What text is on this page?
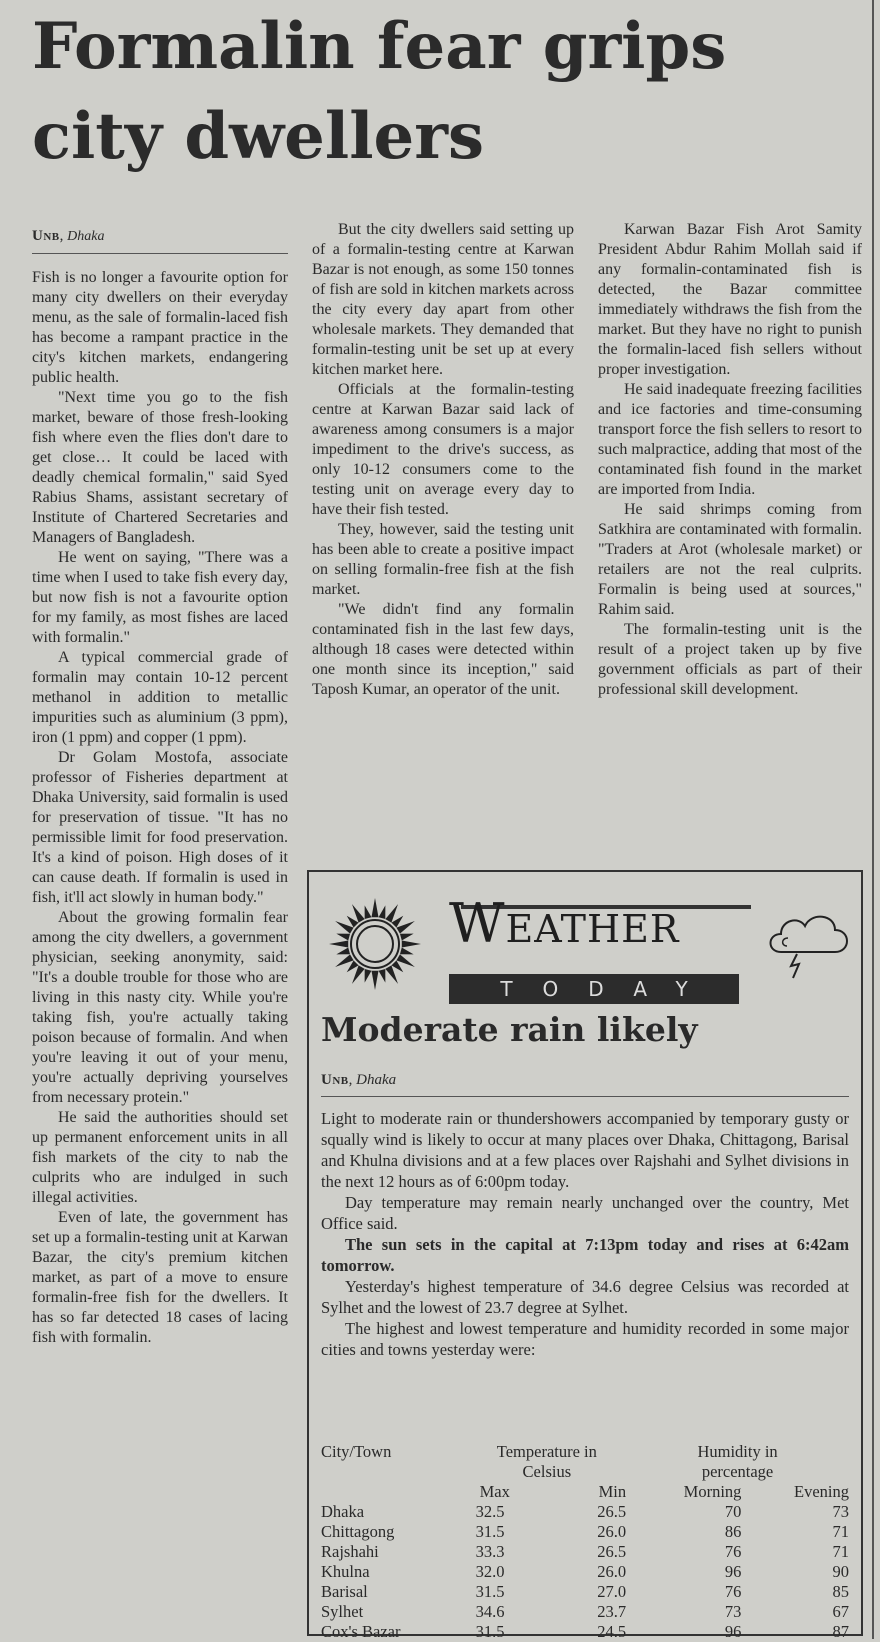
Formalin fear grips city dwellers
Unb, Dhaka

Fish is no longer a favourite option for many city dwellers on their everyday menu, as the sale of formalin-laced fish has become a rampant practice in the city's kitchen markets, endangering public health.

"Next time you go to the fish market, beware of those fresh-looking fish where even the flies don't dare to get close… It could be laced with deadly chemical formalin," said Syed Rabius Shams, assistant secretary of Institute of Chartered Secretaries and Managers of Bangladesh.

He went on saying, "There was a time when I used to take fish every day, but now fish is not a favourite option for my family, as most fishes are laced with formalin."

A typical commercial grade of formalin may contain 10-12 percent methanol in addition to metallic impurities such as aluminium (3 ppm), iron (1 ppm) and copper (1 ppm).

Dr Golam Mostofa, associate professor of Fisheries department at Dhaka University, said formalin is used for preservation of tissue. "It has no permissible limit for food preservation. It's a kind of poison. High doses of it can cause death. If formalin is used in fish, it'll act slowly in human body."

About the growing formalin fear among the city dwellers, a government physician, seeking anonymity, said: "It's a double trouble for those who are living in this nasty city. While you're taking fish, you're actually taking poison because of formalin. And when you're leaving it out of your menu, you're actually depriving yourselves from necessary protein."

He said the authorities should set up permanent enforcement units in all fish markets of the city to nab the culprits who are indulged in such illegal activities.

Even of late, the government has set up a formalin-testing unit at Karwan Bazar, the city's premium kitchen market, as part of a move to ensure formalin-free fish for the dwellers. It has so far detected 18 cases of lacing fish with formalin.

But the city dwellers said setting up of a formalin-testing centre at Karwan Bazar is not enough, as some 150 tonnes of fish are sold in kitchen markets across the city every day apart from other wholesale markets. They demanded that formalin-testing unit be set up at every kitchen market here.

Officials at the formalin-testing centre at Karwan Bazar said lack of awareness among consumers is a major impediment to the drive's success, as only 10-12 consumers come to the testing unit on average every day to have their fish tested.

They, however, said the testing unit has been able to create a positive impact on selling formalin-free fish at the fish market.

"We didn't find any formalin contaminated fish in the last few days, although 18 cases were detected within one month since its inception," said Taposh Kumar, an operator of the unit.

Karwan Bazar Fish Arot Samity President Abdur Rahim Mollah said if any formalin-contaminated fish is detected, the Bazar committee immediately withdraws the fish from the market. But they have no right to punish the formalin-laced fish sellers without proper investigation.

He said inadequate freezing facilities and ice factories and time-consuming transport force the fish sellers to resort to such malpractice, adding that most of the contaminated fish found in the market are imported from India.

He said shrimps coming from Satkhira are contaminated with formalin. "Traders at Arot (wholesale market) or retailers are not the real culprits. Formalin is being used at sources," Rahim said.

The formalin-testing unit is the result of a project taken up by five government officials as part of their professional skill development.

Weather
TODAY
Moderate rain likely
Unb, Dhaka

Light to moderate rain or thundershowers accompanied by temporary gusty or squally wind is likely to occur at many places over Dhaka, Chittagong, Barisal and Khulna divisions and at a few places over Rajshahi and Sylhet divisions in the next 12 hours as of 6:00pm today.

Day temperature may remain nearly unchanged over the country, Met Office said.

The sun sets in the capital at 7:13pm today and rises at 6:42am tomorrow.

Yesterday's highest temperature of 34.6 degree Celsius was recorded at Sylhet and the lowest of 23.7 degree at Sylhet.

The highest and lowest temperature and humidity recorded in some major cities and towns yesterday were:

City/Town	Temperature in		Humidity in	
	Celsius		percentage	
	Max	Min	Morning	Evening
Dhaka	32.5	26.5	70	73
Chittagong	31.5	26.0	86	71
Rajshahi	33.3	26.5	76	71
Khulna	32.0	26.0	96	90
Barisal	31.5	27.0	76	85
Sylhet	34.6	23.7	73	67
Cox's Bazar	31.5	24.5	96	87
